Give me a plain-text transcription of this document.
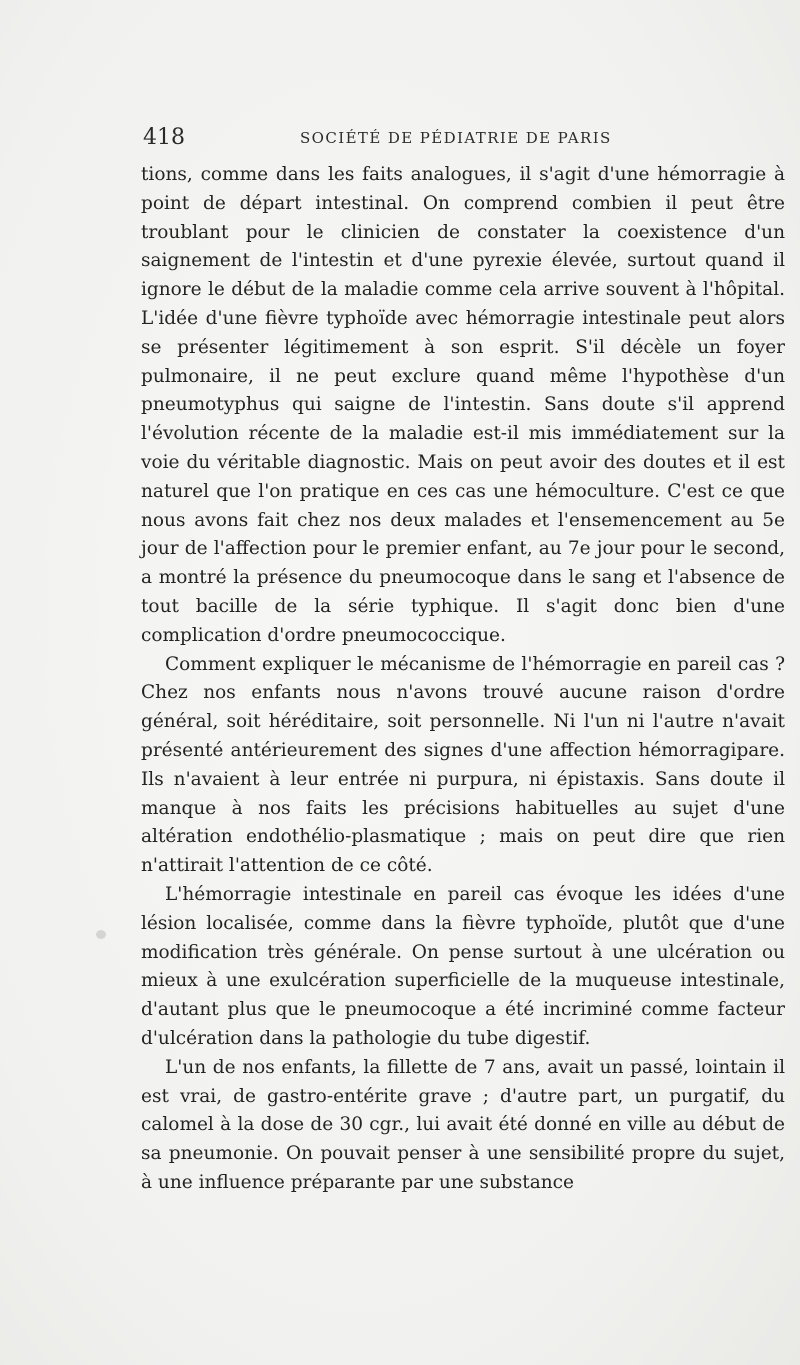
418	SOCIÉTÉ DE PÉDIATRIE DE PARIS

tions, comme dans les faits analogues, il s'agit d'une hémorragie à point de départ intestinal. On comprend combien il peut être troublant pour le clinicien de constater la coexistence d'un saignement de l'intestin et d'une pyrexie élevée, surtout quand il ignore le début de la maladie comme cela arrive souvent à l'hôpital. L'idée d'une fièvre typhoïde avec hémorragie intestinale peut alors se présenter légitimement à son esprit. S'il décèle un foyer pulmonaire, il ne peut exclure quand même l'hypothèse d'un pneumotyphus qui saigne de l'intestin. Sans doute s'il apprend l'évolution récente de la maladie est-il mis immédiatement sur la voie du véritable diagnostic. Mais on peut avoir des doutes et il est naturel que l'on pratique en ces cas une hémoculture. C'est ce que nous avons fait chez nos deux malades et l'ensemencement au 5e jour de l'affection pour le premier enfant, au 7e jour pour le second, a montré la présence du pneumocoque dans le sang et l'absence de tout bacille de la série typhique. Il s'agit donc bien d'une complication d'ordre pneumococcique.

Comment expliquer le mécanisme de l'hémorragie en pareil cas ? Chez nos enfants nous n'avons trouvé aucune raison d'ordre général, soit héréditaire, soit personnelle. Ni l'un ni l'autre n'avait présenté antérieurement des signes d'une affection hémorragipare. Ils n'avaient à leur entrée ni purpura, ni épistaxis. Sans doute il manque à nos faits les précisions habituelles au sujet d'une altération endothélio-plasmatique ; mais on peut dire que rien n'attirait l'attention de ce côté.

L'hémorragie intestinale en pareil cas évoque les idées d'une lésion localisée, comme dans la fièvre typhoïde, plutôt que d'une modification très générale. On pense surtout à une ulcération ou mieux à une exulcération superficielle de la muqueuse intestinale, d'autant plus que le pneumocoque a été incriminé comme facteur d'ulcération dans la pathologie du tube digestif.

L'un de nos enfants, la fillette de 7 ans, avait un passé, lointain il est vrai, de gastro-entérite grave ; d'autre part, un purgatif, du calomel à la dose de 30 cgr., lui avait été donné en ville au début de sa pneumonie. On pouvait penser à une sensibilité propre du sujet, à une influence préparante par une substance
